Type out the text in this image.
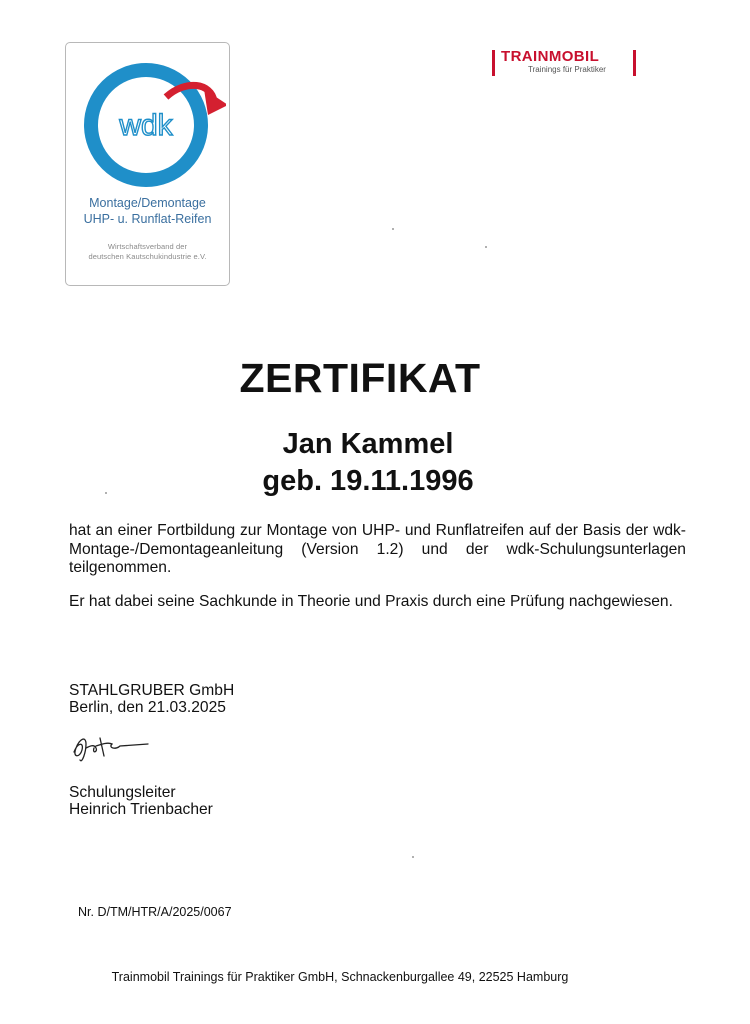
wdk
Montage/Demontage
UHP- u. Runflat-Reifen
Wirtschaftsverband der
deutschen Kautschukindustrie e.V.
TRAINMOBIL
Trainings für Praktiker
ZERTIFIKAT
Jan Kammel
geb. 19.11.1996
hat an einer Fortbildung zur Montage von UHP- und Runflatreifen auf der Basis der wdk-Montage-/Demontageanleitung (Version 1.2) und der wdk-Schulungsunterlagen teilgenommen.
Er hat dabei seine Sachkunde in Theorie und Praxis durch eine Prüfung nachgewiesen.
STAHLGRUBER GmbH
Berlin, den 21.03.2025
Schulungsleiter
Heinrich Trienbacher
Nr. D/TM/HTR/A/2025/0067
Trainmobil Trainings für Praktiker GmbH, Schnackenburgallee 49, 22525 Hamburg
